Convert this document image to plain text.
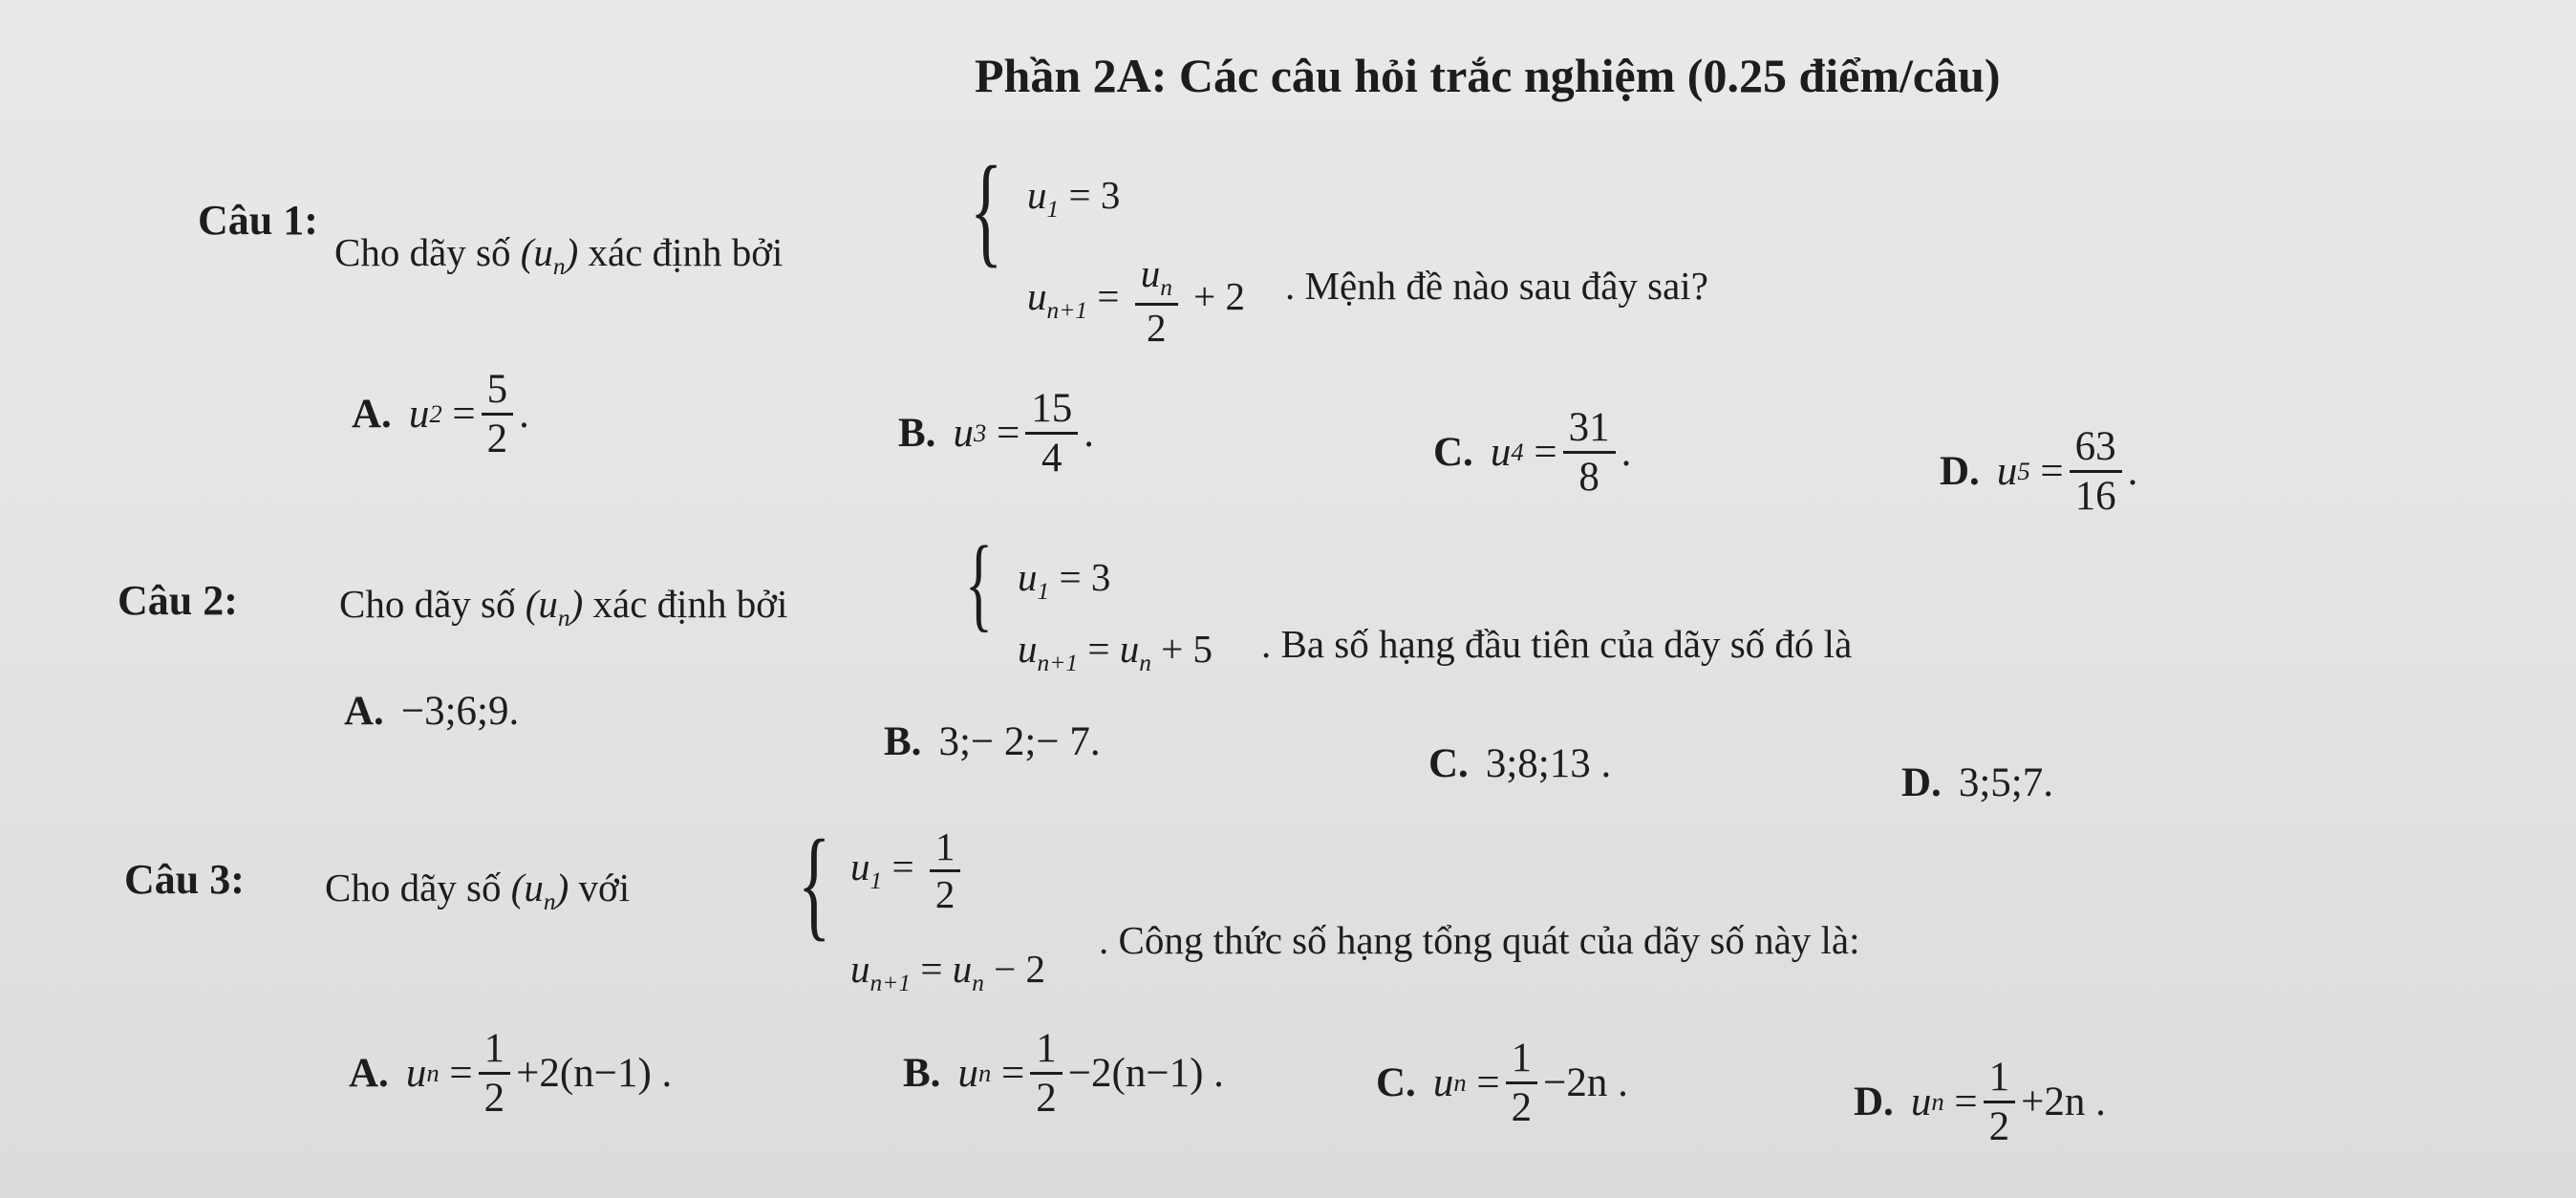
Phần 2A: Các câu hỏi trắc nghiệm (0.25 điểm/câu)
Câu 1:
Cho dãy số $(u_n)$ xác định bởi { $u_1 = 3$
$u_{n+1} = \frac{u_n}{2} + 2$ . Mệnh đề nào sau đây sai?
A. u $2 = \frac{5}{2}$ .	B. u $3 = \frac{15}{4}$ .	C. u $4 = \frac{31}{8}$ .	D. u $5 = \frac{63}{16}$ .
Câu 2:	Cho dãy số $(u_n)$ xác định bởi { $u_1 = 3$
$u_{n+1} = u_n + 5$ . Ba số hạng đầu tiên của dãy số đó là
A. −3;6;9.
B. 3;− 2;− 7.	C. 3;8;13 .	D. 3;5;7.
Câu 3: Cho dãy số $(u_n)$ với { $u_1 = \frac{1}{2}$
$u_{n+1} = u_n - 2$
. Công thức số hạng tổng quát của dãy số này là:
A. u $n = \frac{1}{2} +2(n-1)$ .	B. u $n = \frac{1}{2} -2(n-1)$ .	C. u $n = \frac{1}{2} -2n$ .	D. u $n = \frac{1}{2} +2n$ .
